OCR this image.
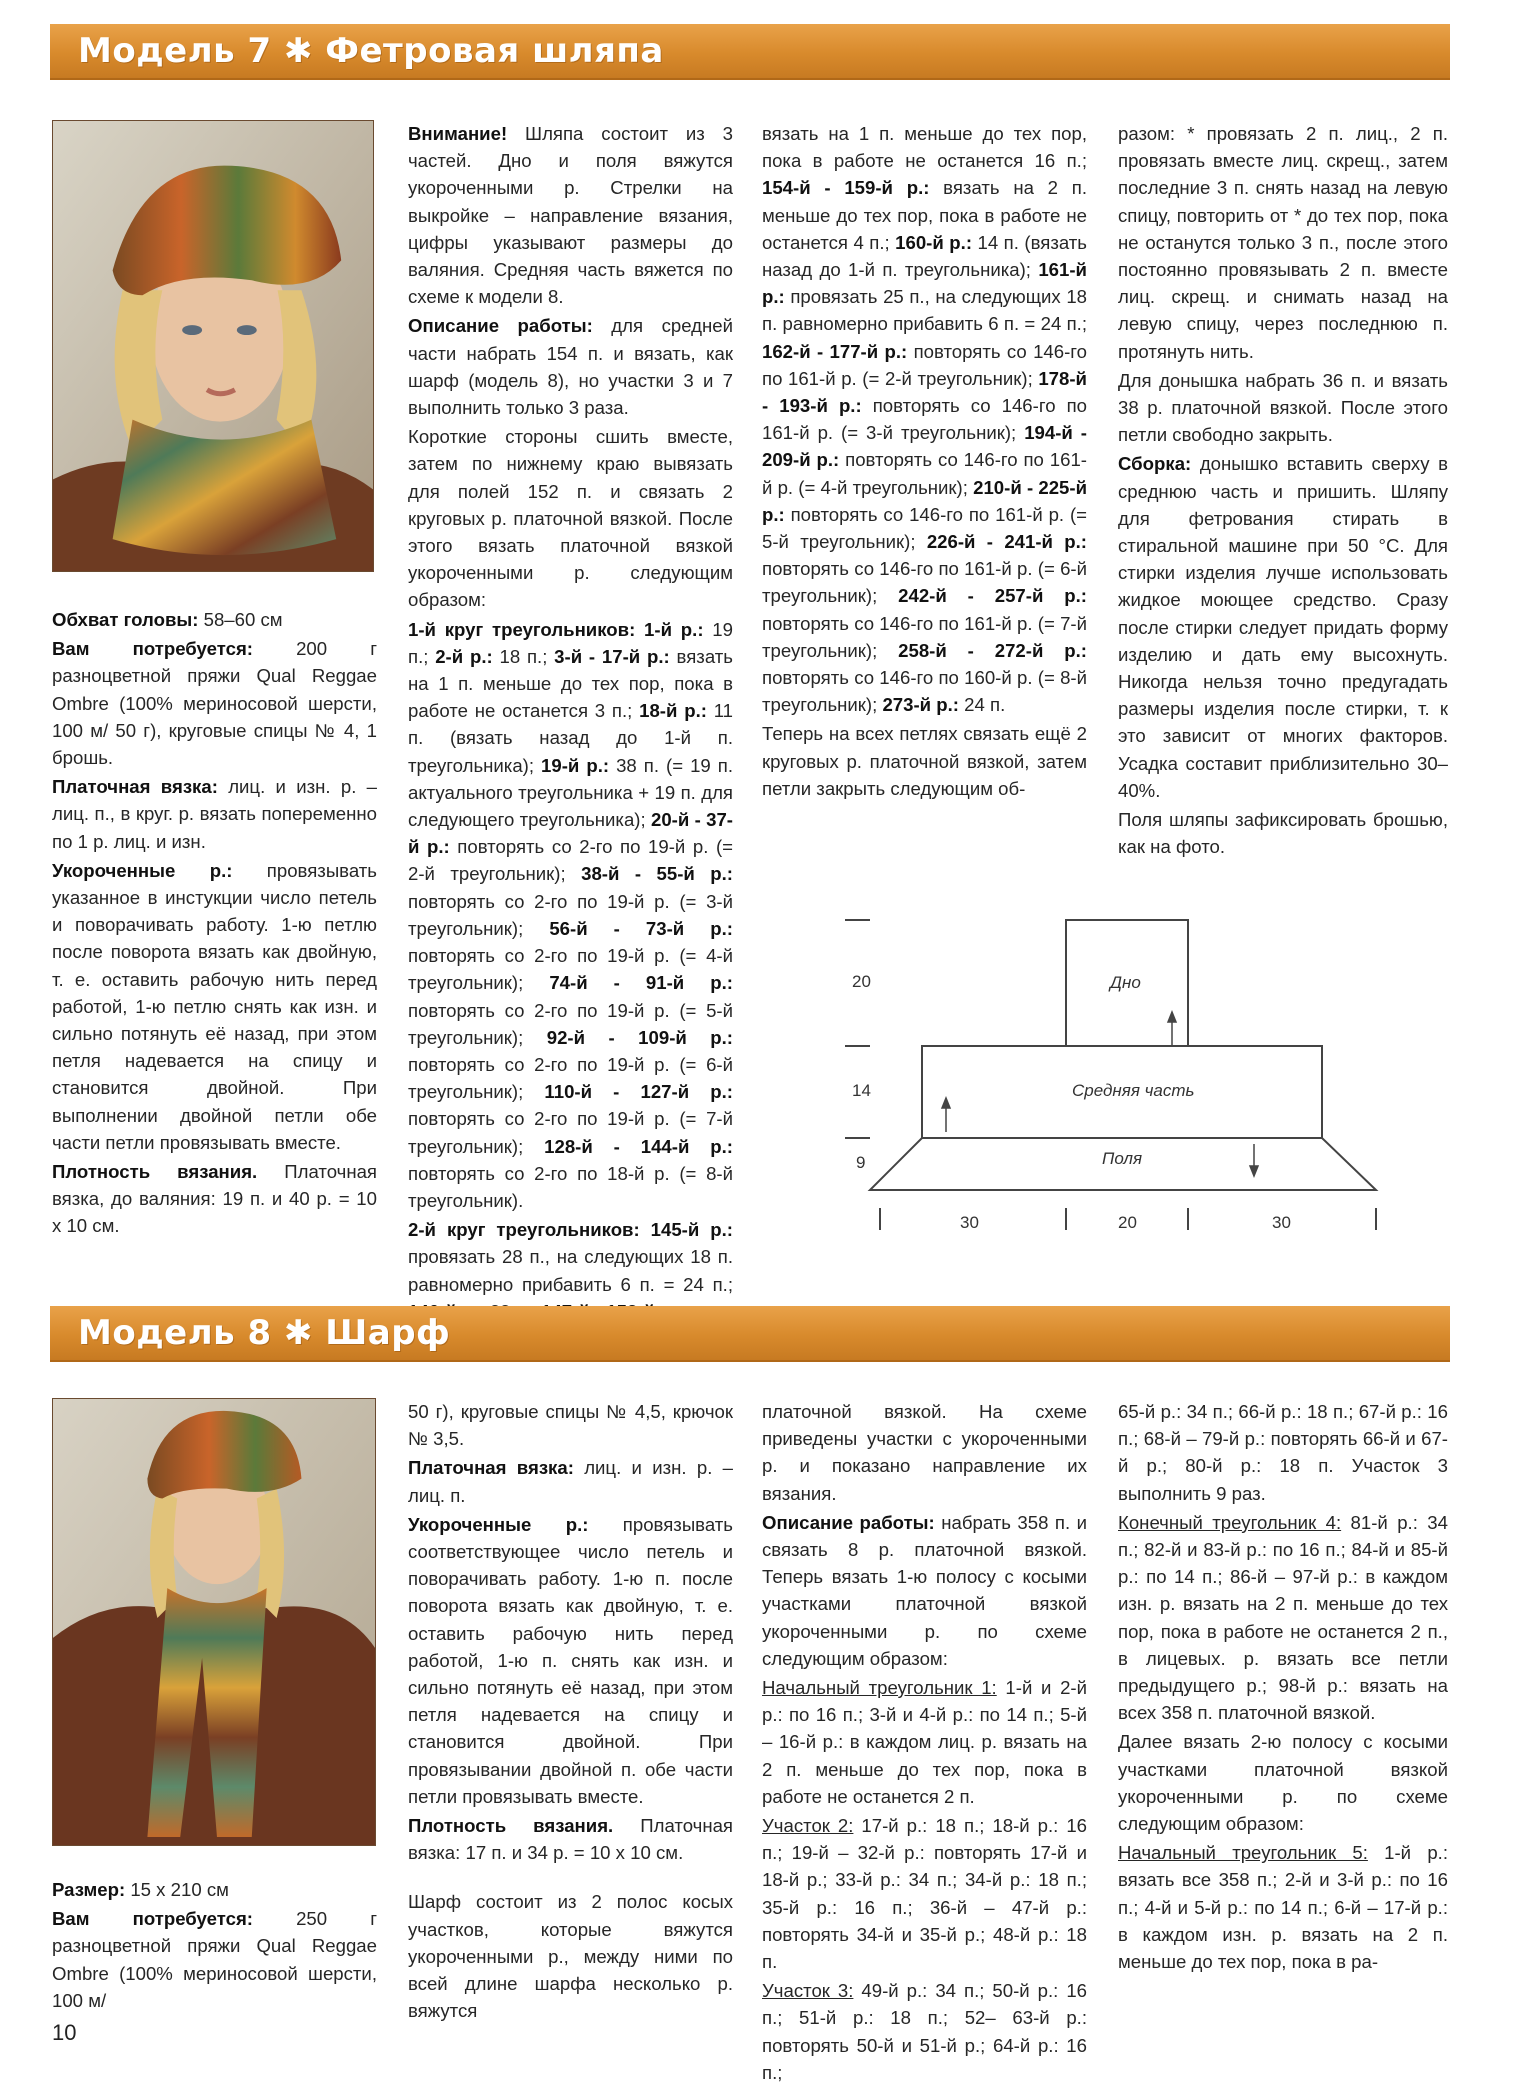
Модель 7 ✱ Фетровая шляпа

Обхват головы: 58–60 см

Вам потребуется: 200 г разноцветной пряжи Qual Reggae Ombre (100% мериносовой шерсти, 100 м/ 50 г), круговые спицы № 4, 1 брошь.

Платочная вязка: лиц. и изн. р. – лиц. п., в круг. р. вязать попеременно по 1 р. лиц. и изн.

Укороченные р.: провязывать указанное в инстукции число петель и поворачивать работу. 1-ю петлю после поворота вязать как двойную, т. е. оставить рабочую нить перед работой, 1-ю петлю снять как изн. и сильно потянуть её назад, при этом петля надевается на спицу и становится двойной. При выполнении двойной петли обе части петли провязывать вместе.

Плотность вязания. Платочная вязка, до валяния: 19 п. и 40 р. = 10 х 10 см.

Внимание! Шляпа состоит из 3 частей. Дно и поля вяжутся укороченными р. Стрелки на выкройке – направление вязания, цифры указывают размеры до валяния. Средняя часть вяжется по схеме к модели 8.

Описание работы: для средней части набрать 154 п. и вязать, как шарф (модель 8), но участки 3 и 7 выполнить только 3 раза.

Короткие стороны сшить вместе, затем по нижнему краю вывязать для полей 152 п. и связать 2 круговых р. платочной вязкой. После этого вязать платочной вязкой укороченными р. следующим образом:

1-й круг треугольников: 1-й р.: 19 п.; 2-й р.: 18 п.; 3-й - 17-й р.: вязать на 1 п. меньше до тех пор, пока в работе не останется 3 п.; 18-й р.: 11 п. (вязать назад до 1-й п. треугольника); 19-й р.: 38 п. (= 19 п. актуального треугольника + 19 п. для следующего треугольника); 20-й - 37-й р.: повторять со 2-го по 19-й р. (= 2-й треугольник); 38-й - 55-й р.: повторять со 2-го по 19-й р. (= 3-й треугольник); 56-й - 73-й р.: повторять со 2-го по 19-й р. (= 4-й треугольник); 74-й - 91-й р.: повторять со 2-го по 19-й р. (= 5-й треугольник); 92-й - 109-й р.: повторять со 2-го по 19-й р. (= 6-й треугольник); 110-й - 127-й р.: повторять со 2-го по 19-й р. (= 7-й треугольник); 128-й - 144-й р.: повторять со 2-го по 18-й р. (= 8-й треугольник).

2-й круг треугольников: 145-й р.: провязать 28 п., на следующих 18 п. равномерно прибавить 6 п. = 24 п.;

вязать на 1 п. меньше до тех пор, пока в работе не останется 16 п.; 154-й - 159-й р.: вязать на 2 п. меньше до тех пор, пока в работе не останется 4 п.; 160-й р.: 14 п. (вязать назад до 1-й п. треугольника); 161-й р.: провязать 25 п., на следующих 18 п. равномерно прибавить 6 п. = 24 п.; 162-й - 177-й р.: повторять со 146-го по 161-й р. (= 2-й треугольник); 178-й - 193-й р.: повторять со 146-го по 161-й р. (= 3-й треугольник); 194-й - 209-й р.: повторять со 146-го по 161-й р. (= 4-й треугольник); 210-й - 225-й р.: повторять со 146-го по 161-й р. (= 5-й треугольник); 226-й - 241-й р.: повторять со 146-го по 161-й р. (= 6-й треугольник); 242-й - 257-й р.: повторять со 146-го по 161-й р. (= 7-й треугольник); 258-й - 272-й р.: повторять со 146-го по 160-й р. (= 8-й треугольник); 273-й р.: 24 п.

Теперь на всех петлях связать ещё 2 круговых р. платочной вязкой, затем петли закрыть следующим об-

разом: * провязать 2 п. лиц., 2 п. провязать вместе лиц. скрещ., затем последние 3 п. снять назад на левую спицу, повторить от * до тех пор, пока не останутся только 3 п., после этого постоянно провязывать 2 п. вместе лиц. скрещ. и снимать назад на левую спицу, через последнюю п. протянуть нить.

Для донышка набрать 36 п. и вязать 38 р. платочной вязкой. После этого петли свободно закрыть.

Сборка: донышко вставить сверху в среднюю часть и пришить. Шляпу для фетрования стирать в стиральной машине при 50 °С. Для стирки изделия лучше использовать жидкое моющее средство. Сразу после стирки следует придать форму изделию и дать ему высохнуть. Никогда нельзя точно предугадать размеры изделия после стирки, т. к это зависит от многих факторов. Усадка составит приблизительно 30–40%.

Поля шляпы зафиксировать брошью, как на фото.

20
14
9
Дно
Средняя часть
Поля
30	20	30
Модель 8 ✱ Шарф

Размер: 15 х 210 см

Вам потребуется: 250 г разноцветной пряжи Qual Reggae Ombre (100% мериносовой шерсти, 100 м/

50 г), круговые спицы № 4,5, крючок № 3,5.

Платочная вязка: лиц. и изн. р. – лиц. п.

Укороченные р.: провязывать соответствующее число петель и поворачивать работу. 1-ю п. после поворота вязать как двойную, т. е. оставить рабочую нить перед работой, 1-ю п. снять как изн. и сильно потянуть её назад, при этом петля надевается на спицу и становится двойной. При провязывании двойной п. обе части петли провязывать вместе.

Плотность вязания. Платочная вязка: 17 п. и 34 р. = 10 х 10 см.

Шарф состоит из 2 полос косых участков, которые вяжутся укороченными р., между ними по всей длине шарфа несколько р. вяжутся

платочной вязкой. На схеме приведены участки с укороченными р. и показано направление их вязания.

Описание работы: набрать 358 п. и связать 8 р. платочной вязкой. Теперь вязать 1-ю полосу с косыми участками платочной вязкой укороченными р. по схеме следующим образом:

Начальный треугольник 1: 1-й и 2-й р.: по 16 п.; 3-й и 4-й р.: по 14 п.; 5-й – 16-й р.: в каждом лиц. р. вязать на 2 п. меньше до тех пор, пока в работе не останется 2 п.

Участок 2: 17-й р.: 18 п.; 18-й р.: 16 п.; 19-й – 32-й р.: повторять 17-й и 18-й р.; 33-й р.: 34 п.; 34-й р.: 18 п.; 35-й р.: 16 п.; 36-й – 47-й р.: повторять 34-й и 35-й р.; 48-й р.: 18 п.

Участок 3: 49-й р.: 34 п.; 50-й р.: 16 п.; 51-й р.: 18 п.; 52– 63-й р.: повторять 50-й и 51-й р.; 64-й р.: 16 п.;

65-й р.: 34 п.; 66-й р.: 18 п.; 67-й р.: 16 п.; 68-й – 79-й р.: повторять 66-й и 67-й р.; 80-й р.: 18 п. Участок 3 выполнить 9 раз.

Конечный треугольник 4: 81-й р.: 34 п.; 82-й и 83-й р.: по 16 п.; 84-й и 85-й р.: по 14 п.; 86-й – 97-й р.: в каждом изн. р. вязать на 2 п. меньше до тех пор, пока в работе не останется 2 п., в лицевых. р. вязать все петли предыдущего р.; 98-й р.: вязать на всех 358 п. платочной вязкой.

Далее вязать 2-ю полосу с косыми участками платочной вязкой укороченными р. по схеме следующим образом:

Начальный треугольник 5: 1-й р.: вязать все 358 п.; 2-й и 3-й р.: по 16 п.; 4-й и 5-й р.: по 14 п.; 6-й – 17-й р.: в каждом изн. р. вязать на 2 п. меньше до тех пор, пока в ра-

10
